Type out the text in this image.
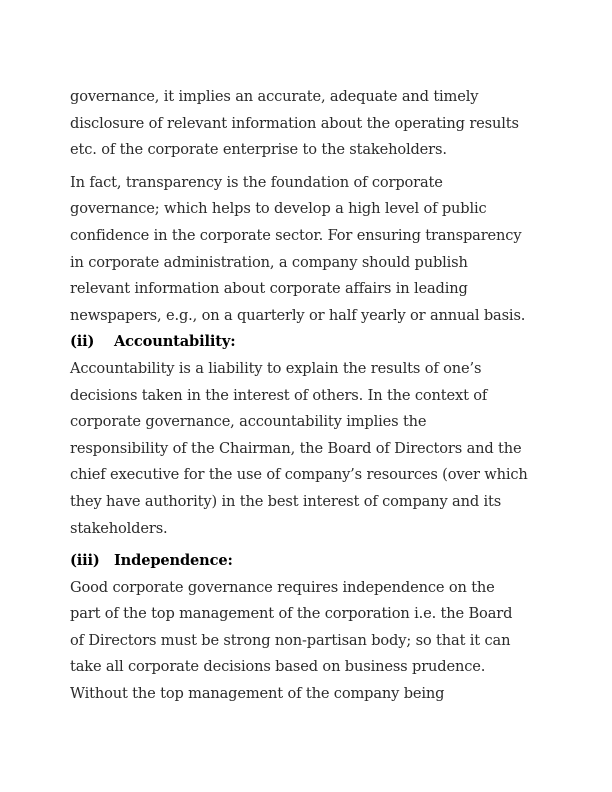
governance, it implies an accurate, adequate and timely
disclosure of relevant information about the operating results
etc. of the corporate enterprise to the stakeholders.
In fact, transparency is the foundation of corporate
governance; which helps to develop a high level of public
confidence in the corporate sector. For ensuring transparency
in corporate administration, a company should publish
relevant information about corporate affairs in leading
newspapers, e.g., on a quarterly or half yearly or annual basis.
(ii) Accountability:
Accountability is a liability to explain the results of one’s
decisions taken in the interest of others. In the context of
corporate governance, accountability implies the
responsibility of the Chairman, the Board of Directors and the
chief executive for the use of company’s resources (over which
they have authority) in the best interest of company and its
stakeholders.
(iii) Independence:
Good corporate governance requires independence on the
part of the top management of the corporation i.e. the Board
of Directors must be strong non-partisan body; so that it can
take all corporate decisions based on business prudence.
Without the top management of the company being
